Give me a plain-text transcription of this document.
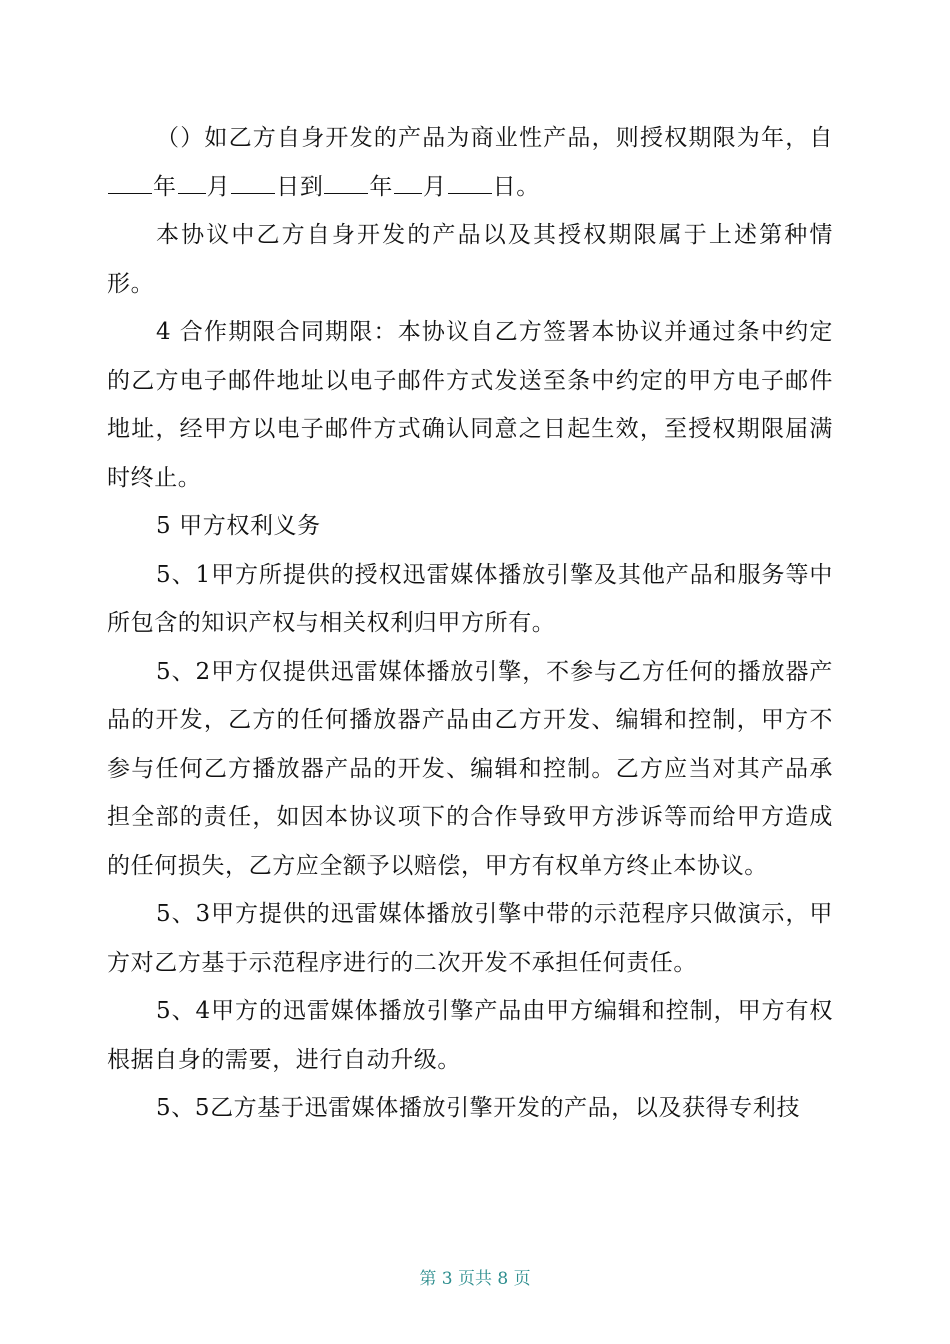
（）如乙方自身开发的产品为商业性产品，则授权期限为年，自年 月 日到 年 月 日。

本协议中乙方自身开发的产品以及其授权期限属于上述第种情形。

4 合作期限合同期限：本协议自乙方签署本协议并通过条中约定的乙方电子邮件地址以电子邮件方式发送至条中约定的甲方电子邮件地址，经甲方以电子邮件方式确认同意之日起生效，至授权期限届满时终止。

5 甲方权利义务

5、1甲方所提供的授权迅雷媒体播放引擎及其他产品和服务等中所包含的知识产权与相关权利归甲方所有。

5、2甲方仅提供迅雷媒体播放引擎，不参与乙方任何的播放器产品的开发，乙方的任何播放器产品由乙方开发、编辑和控制，甲方不参与任何乙方播放器产品的开发、编辑和控制。乙方应当对其产品承担全部的责任，如因本协议项下的合作导致甲方涉诉等而给甲方造成的任何损失，乙方应全额予以赔偿，甲方有权单方终止本协议。

5、3甲方提供的迅雷媒体播放引擎中带的示范程序只做演示，甲方对乙方基于示范程序进行的二次开发不承担任何责任。

5、4甲方的迅雷媒体播放引擎产品由甲方编辑和控制，甲方有权根据自身的需要，进行自动升级。

5、5乙方基于迅雷媒体播放引擎开发的产品，以及获得专利技

第 3 页共 8 页
